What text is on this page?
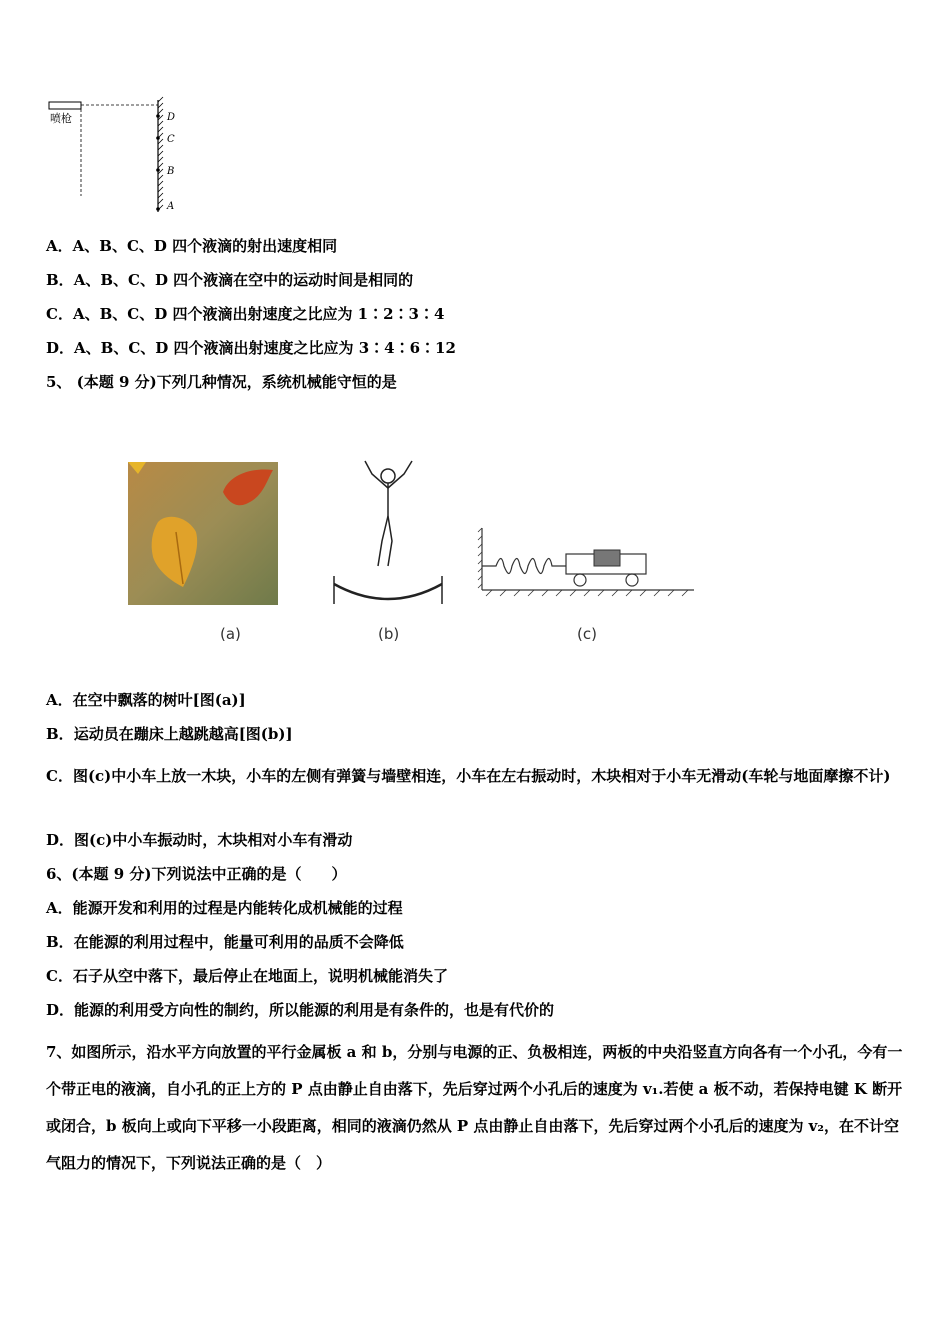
喷枪	D
C
B
A
A．A、B、C、D 四个液滴的射出速度相同
B．A、B、C、D 四个液滴在空中的运动时间是相同的
C．A、B、C、D 四个液滴出射速度之比应为 1∶2∶3∶4
D．A、B、C、D 四个液滴出射速度之比应为 3∶4∶6∶12
5、 (本题 9 分)下列几种情况，系统机械能守恒的是
(a)	(b)	(c)
A．在空中飘落的树叶[图(a)]
B．运动员在蹦床上越跳越高[图(b)]
C．图(c)中小车上放一木块，小车的左侧有弹簧与墙壁相连，小车在左右振动时，木块相对于小车无滑动(车轮与地面摩擦不计)
D．图(c)中小车振动时，木块相对小车有滑动
6、(本题 9 分)下列说法中正确的是（　　）
A．能源开发和利用的过程是内能转化成机械能的过程
B．在能源的利用过程中，能量可利用的品质不会降低
C．石子从空中落下，最后停止在地面上，说明机械能消失了
D．能源的利用受方向性的制约，所以能源的利用是有条件的，也是有代价的
7、如图所示，沿水平方向放置的平行金属板 a 和 b，分别与电源的正、负极相连，两板的中央沿竖直方向各有一个小孔，今有一个带正电的液滴，自小孔的正上方的 P 点由静止自由落下，先后穿过两个小孔后的速度为 v₁.若使 a 板不动，若保持电键 K 断开或闭合，b 板向上或向下平移一小段距离，相同的液滴仍然从 P 点由静止自由落下，先后穿过两个小孔后的速度为 v₂，在不计空气阻力的情况下，下列说法正确的是（　）
